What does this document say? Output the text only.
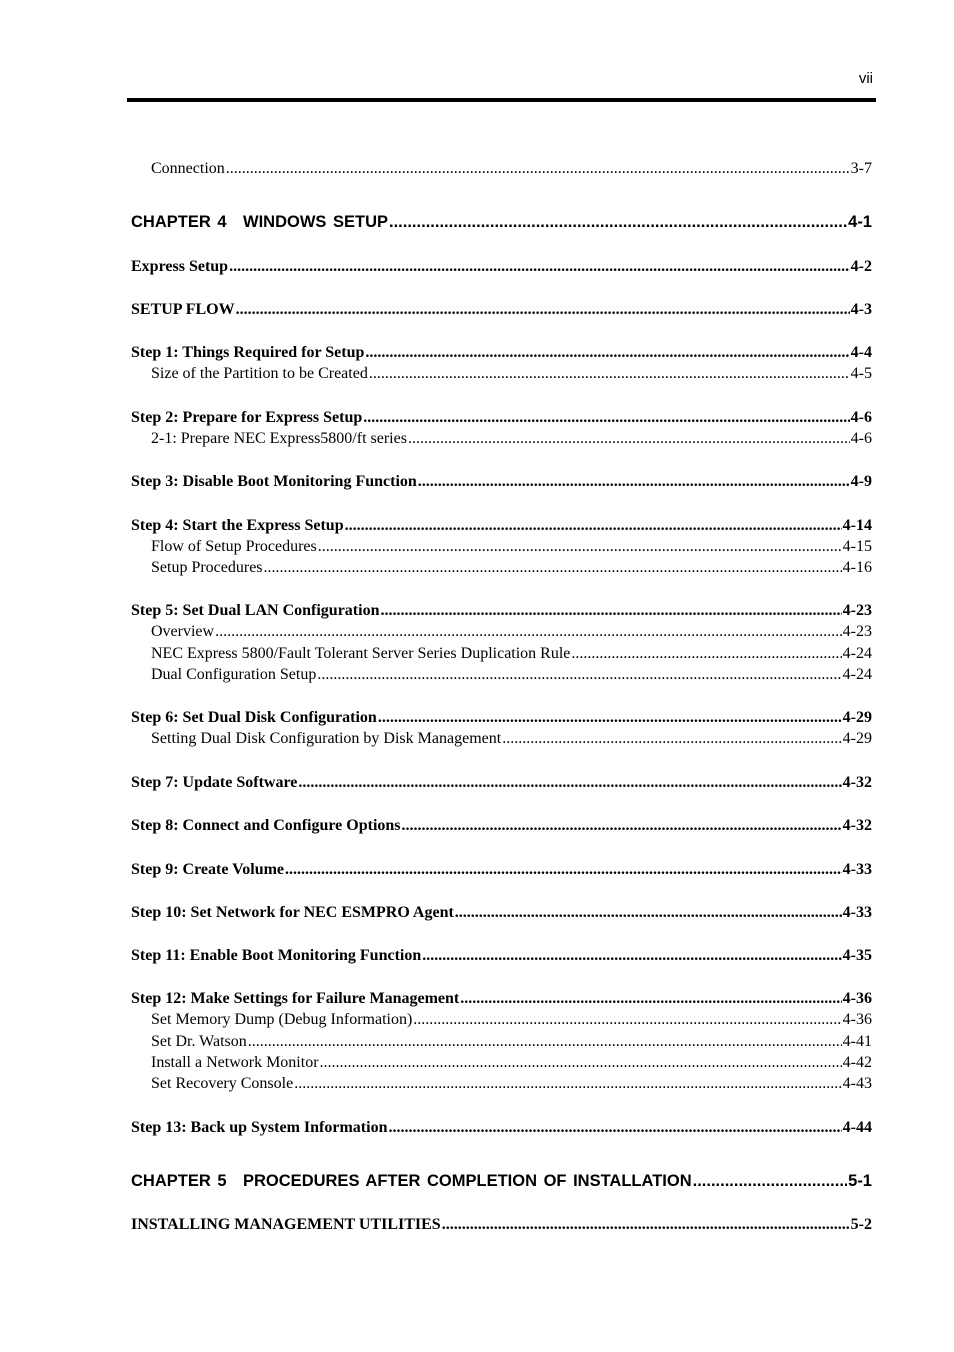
vii
Connection .....	3-7
CHAPTER 4 WINDOWS SETUP .....	4-1
Express Setup .....	4-2
SETUP FLOW .....	4-3
Step 1: Things Required for Setup .....	4-4
Size of the Partition to be Created .....	4-5
Step 2: Prepare for Express Setup .....	4-6
2-1: Prepare NEC Express5800/ft series .....	4-6
Step 3: Disable Boot Monitoring Function .....	4-9
Step 4: Start the Express Setup .....	4-14
Flow of Setup Procedures .....	4-15
Setup Procedures .....	4-16
Step 5: Set Dual LAN Configuration .....	4-23
Overview .....	4-23
NEC Express 5800/Fault Tolerant Server Series Duplication Rule .....	4-24
Dual Configuration Setup .....	4-24
Step 6: Set Dual Disk Configuration .....	4-29
Setting Dual Disk Configuration by Disk Management .....	4-29
Step 7: Update Software .....	4-32
Step 8: Connect and Configure Options .....	4-32
Step 9: Create Volume .....	4-33
Step 10: Set Network for NEC ESMPRO Agent .....	4-33
Step 11: Enable Boot Monitoring Function .....	4-35
Step 12: Make Settings for Failure Management .....	4-36
Set Memory Dump (Debug Information) .....	4-36
Set Dr. Watson .....	4-41
Install a Network Monitor .....	4-42
Set Recovery Console .....	4-43
Step 13: Back up System Information .....	4-44
CHAPTER 5 PROCEDURES AFTER COMPLETION OF INSTALLATION .....	5-1
INSTALLING MANAGEMENT UTILITIES .....	5-2
